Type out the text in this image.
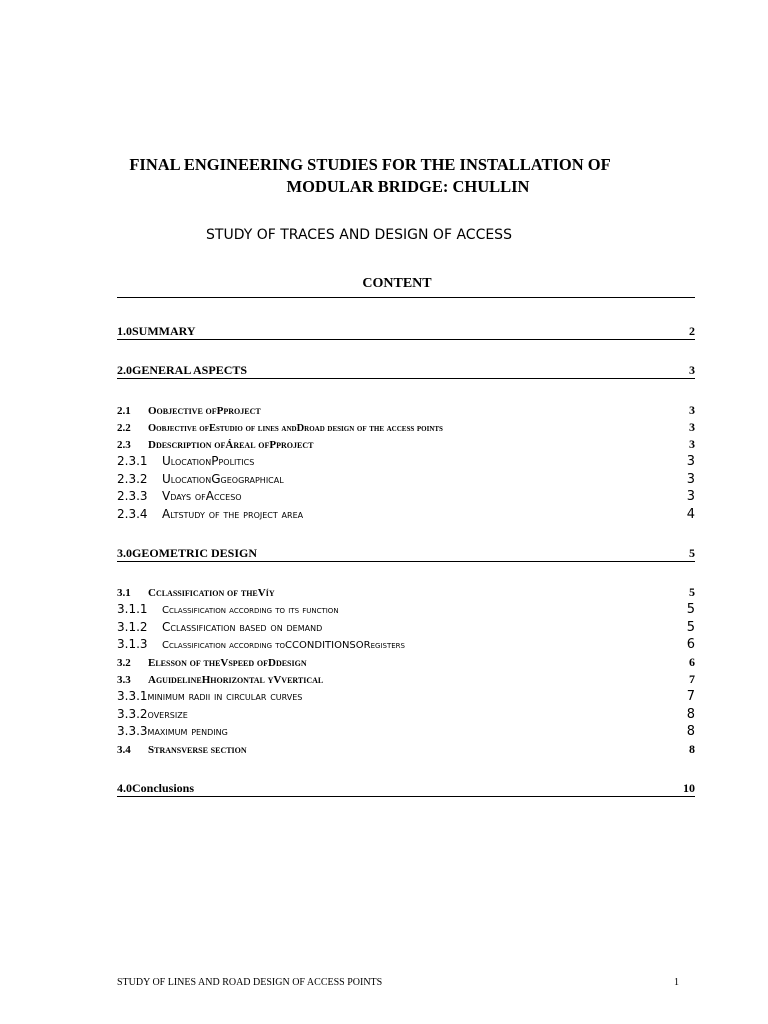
FINAL ENGINEERING STUDIES FOR THE INSTALLATION OF
MODULAR BRIDGE: CHULLIN
STUDY OF TRACES AND DESIGN OF ACCESS
CONTENT
1.0 SUMMARY	2
2.0 GENERAL ASPECTS	3
2.1	Oobjective ofPproject	3
2.2	Oobjective ofEstudio of lines andDroad design of the access points	3
2.3	Ddescription ofÁreal ofPproject	3
2.3.1	UlocationPpolitics	3
2.3.2	UlocationGgeographical	3
2.3.3	Vdays ofAcceso	3
2.3.4	Altstudy of the project area	4
3.0 GEOMETRIC DESIGN	5
3.1	Cclassification of theVíy	5
3.1.1	Cclassification according to its function	5
3.1.2	Cclassification based on demand	5
3.1.3	Cclassification according toCCONDITIONSORegisters	6
3.2	Elesson of theVspeed ofDdesign	6
3.3	AguidelineHhorizontal yVvertical	7
3.3.1 minimum radii in circular curves	7
3.3.2 oversize	8
3.3.3 maximum pending	8
3.4	Stransverse section	8
4.0 Conclusions	10
STUDY OF LINES AND ROAD DESIGN OF ACCESS POINTS	1
